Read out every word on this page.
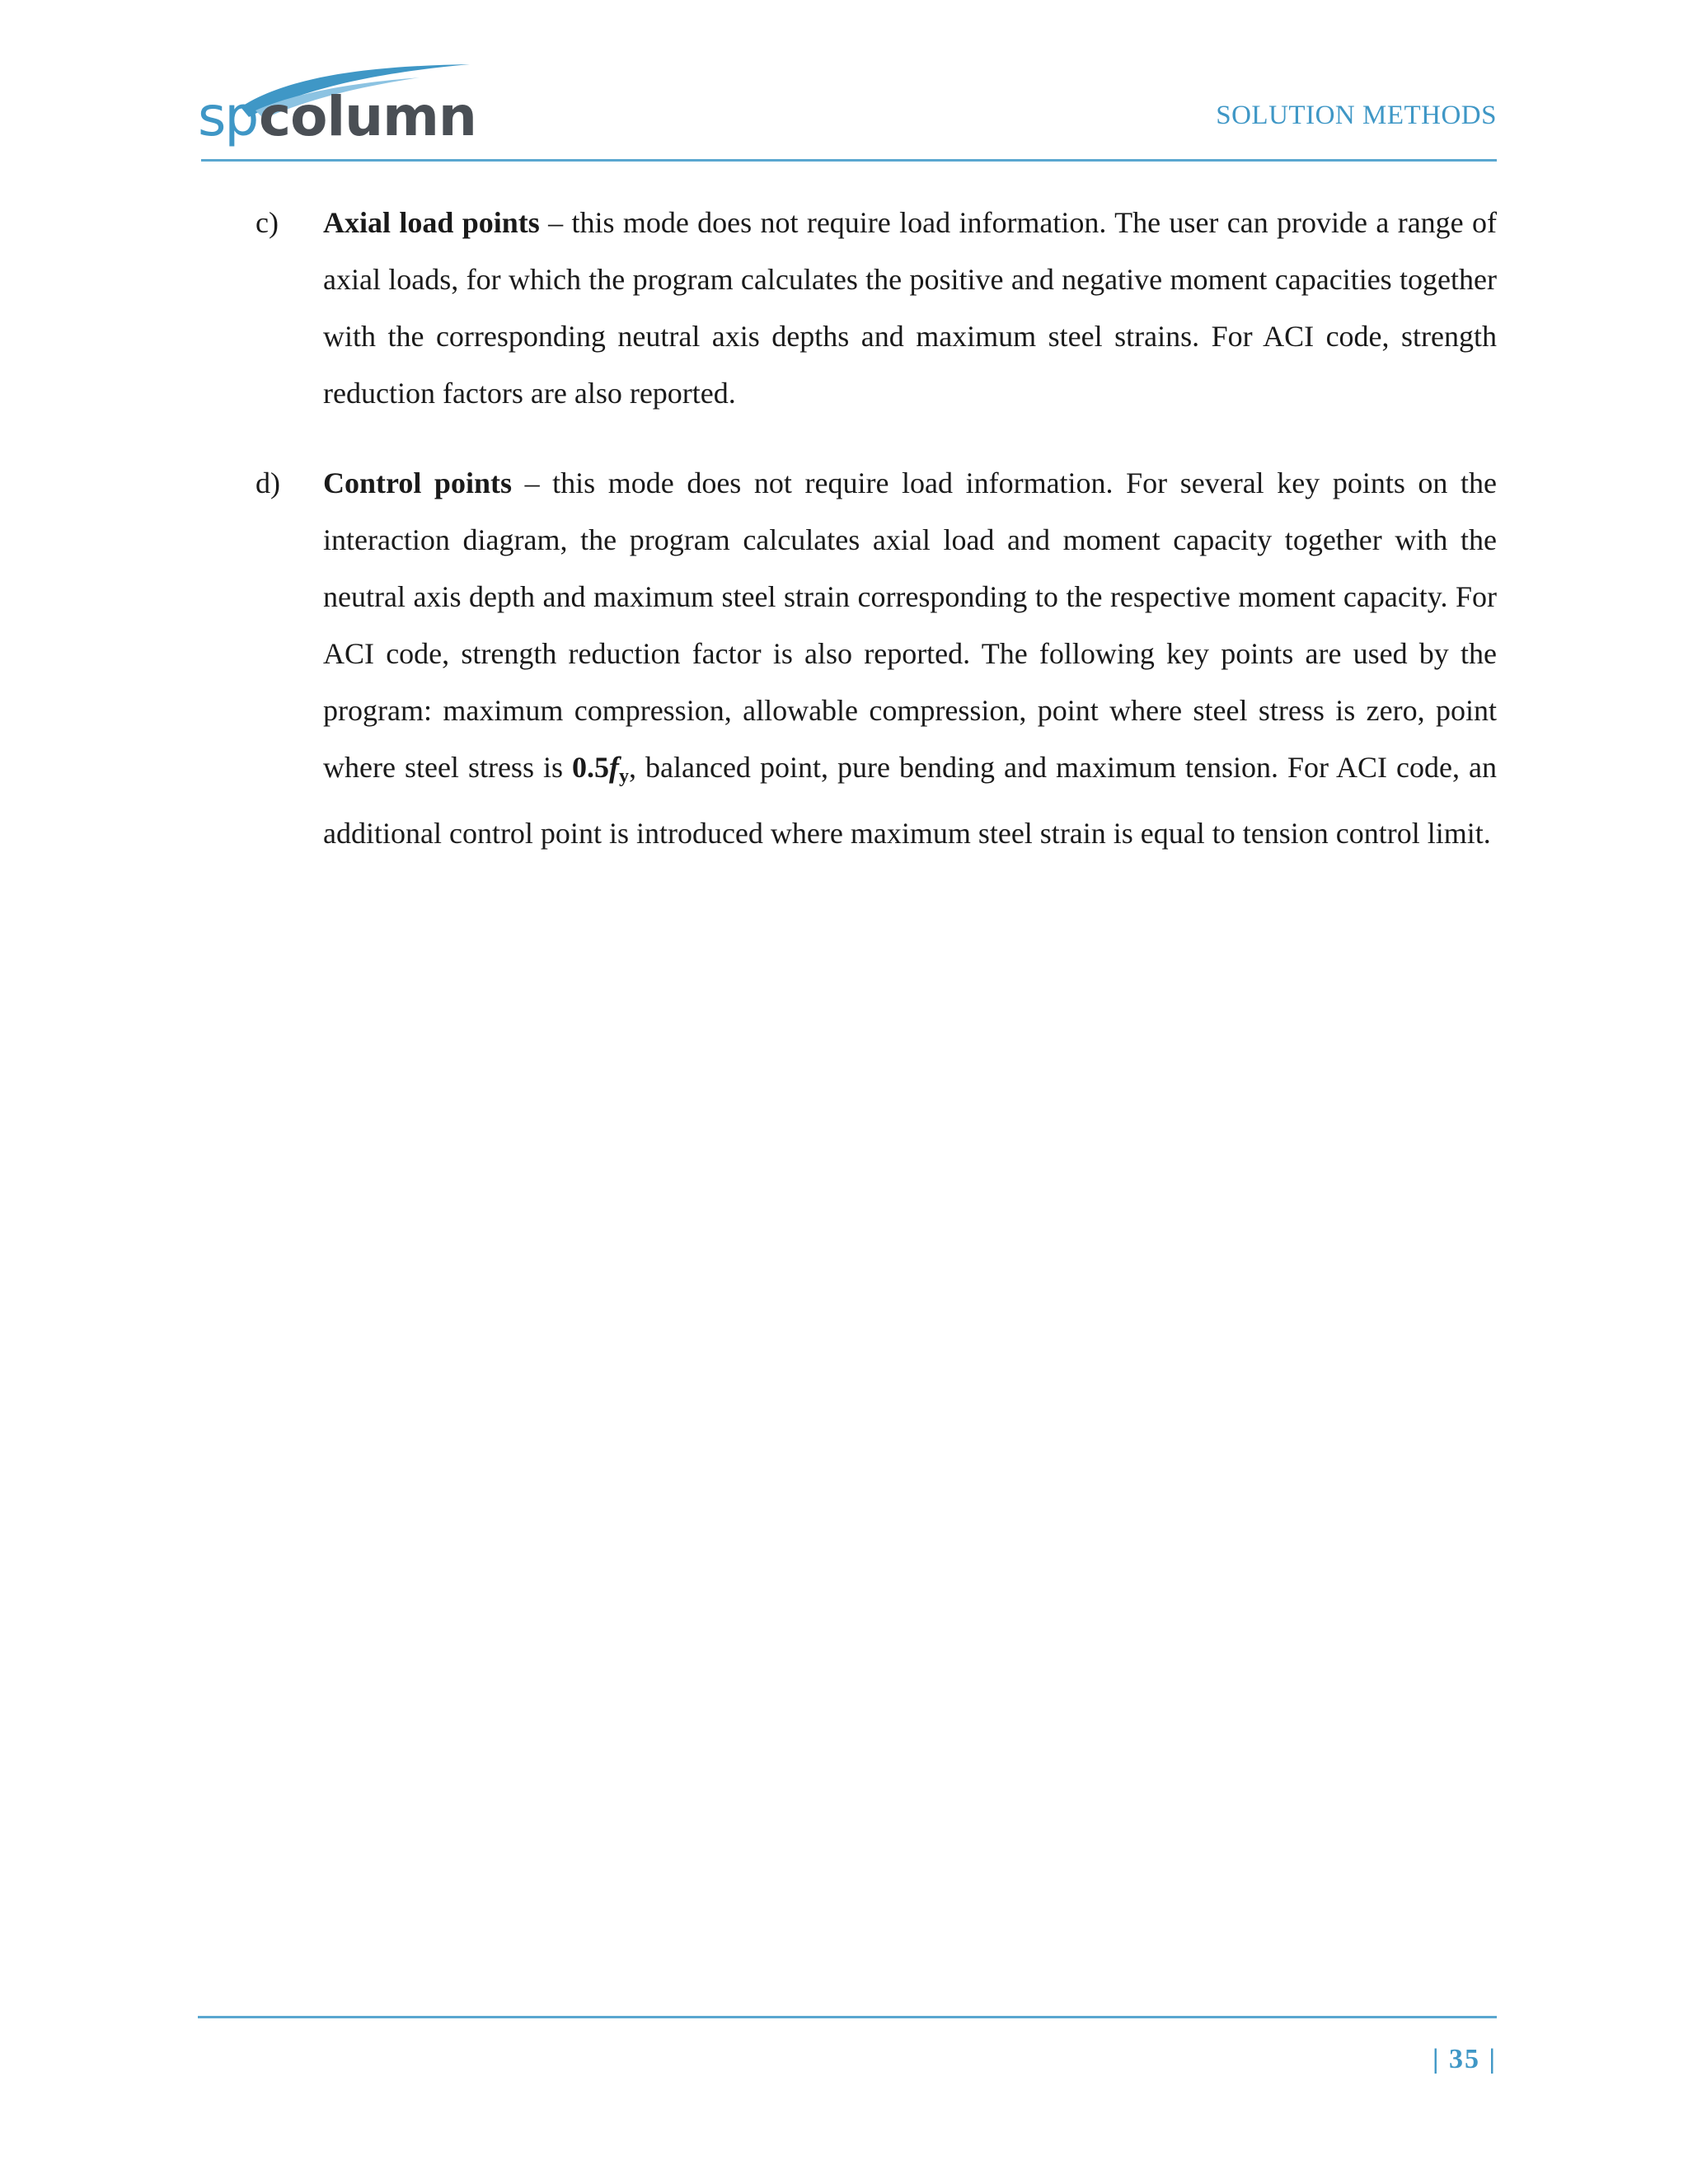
sp column	SOLUTION METHODS
c)	Axial load points – this mode does not require load information. The user can provide a range of axial loads, for which the program calculates the positive and negative moment capacities together with the corresponding neutral axis depths and maximum steel strains. For ACI code, strength reduction factors are also reported.

d)	Control points – this mode does not require load information. For several key points on the interaction diagram, the program calculates axial load and moment capacity together with the neutral axis depth and maximum steel strain corresponding to the respective moment capacity. For ACI code, strength reduction factor is also reported. The following key points are used by the program: maximum compression, allowable compression, point where steel stress is zero, point where steel stress is $0.5f_y$, balanced point, pure bending and maximum tension. For ACI code, an additional control point is introduced where maximum steel strain is equal to tension control limit.

| 35 |
